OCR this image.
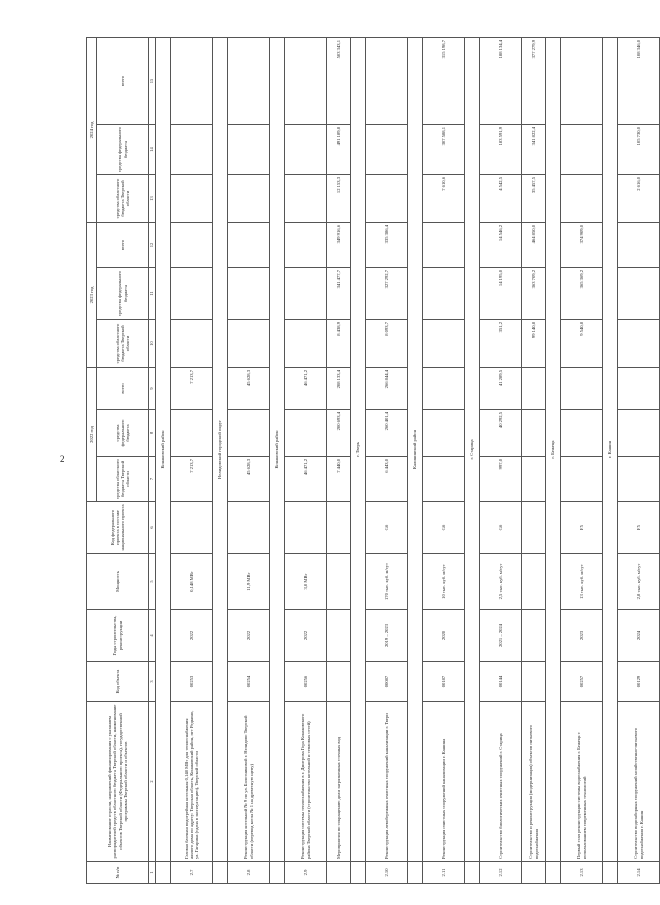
2
№ п/п	Наименование отрасли, направлений финансирования с указанием распорядителей средств областного бюджета Тверской области, наименование объектов Тверской области (Федерального проекта), государственной программы Тверской области и объектов	Код объекта	Годы строительства, реконструкции	Мощность	Код федерального проекта в составе национального проекта	2022 год			2023 год			2024 год		
						средства областного бюджета Тверской области	средства федерального бюджета	всего	средства областного бюджета Тверской области	средства федерального бюджета	всего	средства областного бюджета Тверской области	средства федерального бюджета	всего
1	2	3	4	5	6	7	8	9	10	11	12	13	14	15
	Конаковский район													
2.7	Газовая блочная водогрейная котельная 0,148 МВт для теплоснабжения жилого дома по адресу: Тверская область, Конаковский район, пгт Редкино, ул. Гагарина (сдача в эксплуатацию), Тверской области	00253	2022	0,148 МВт		7 213,7		7 213,7						
	Нелидовский городской округ													
2.8	Реконструкция котельной № 9 по ул. Болотниковой г. Нелидово Тверской области (перевод котла № 1 на древесную щепу)	00254	2022	11,9 МВт		45 628,3		45 628,3						
	Конаковский район													
2.9	Реконструкция системы теплоснабжения в г. Дмитрова Гора Конаковского района Тверской области (строительство котельной и тепловых сетей)	00256	2022	3,0 МВт		46 471,2		46 471,2						
	Мероприятия по сокращению доли загрязненных сточных вод					7 440,0	200 693,4	208 133,4	8 438,9	341 477,7	349 916,6	12 153,3	491 189,8	503 343,1
	г. Тверь													
2.10	Реконструкция левобережных очистных сооружений канализации г. Твери	00087	2019 – 2023	170 тыс. куб. м/сут	G6	6 443,0	260 401,4	266 844,4	8 093,7	327 292,7	335 386,4			
	Калининский район													
2.11	Реконструкция очистных сооружений канализации г. Кашина	00187	2020	10 тыс. куб. м/сут	G6							7 610,6	307 588,1	315 198,7
	г. Старица													
2.12	Строительство биологических очистных сооружений г. Старица	00144	2021 – 2024	2,5 тыс. куб. м/сут	G6	997,0	40 292,5	41 289,5	351,2	14 195,0	14 546,2	4 542,5	183 591,9	188 134,4
	Строительство и реконструкция (модернизация) объектов питьевого водоснабжения								99 140,8	363 709,2	464 850,0	35 457,5	341 822,4	377 279,9
	г. Бежецк													
2.13	Первый этап реконструкции системы водоснабжения г. Бежецк с использованием современных технологий	00257	2023	13 тыс. куб. м/сут	F5				9 540,8	365 369,2	374 909,0			
	г. Кашин													
2.14	Строительство водозаборных сооружений хозяйственно-питьевого водоснабжения г. Кашин	00129	2024	2,8 тыс. куб. м/сут	F5							2 616,0	105 730,0	108 346,0
